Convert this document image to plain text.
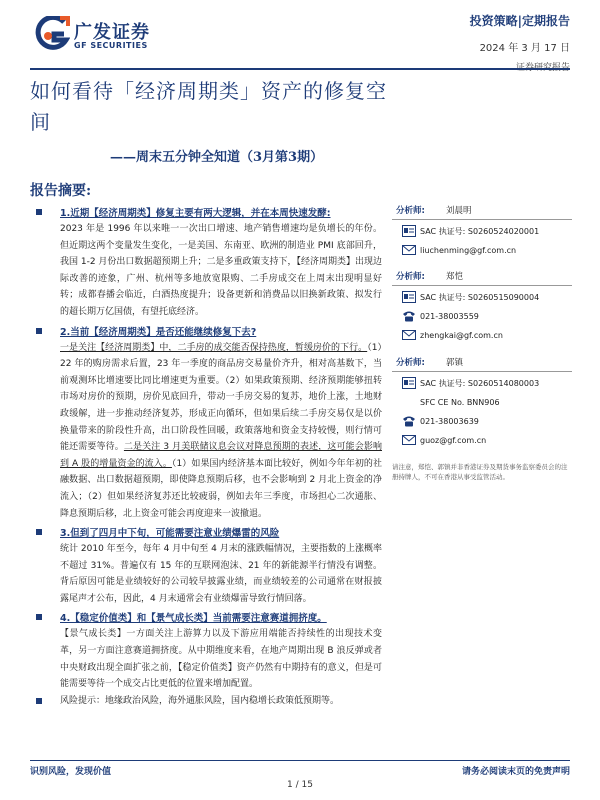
广发证券
GF SECURITIES
投资策略|定期报告
2024 年 3 月 17 日
如何看待「经济周期类」资产的修复空间
——周末五分钟全知道（3月第3期）
报告摘要:
1.近期【经济周期类】修复主要有两大逻辑，并在本周快速发酵:
2023 年是 1996 年以来唯一一次出口增速、地产销售增速均是负增长的年份。但近期这两个变量发生变化，一是美国、东南亚、欧洲的制造业 PMI 底部回升，我国 1-2 月份出口数据超预期上升；二是多重政策支持下，【经济周期类】出现边际改善的迹象，广州、杭州等多地放宽限购、二手房成交在上周末出现明显好转；成都春播会临近，白酒热度提升；设备更新和消费品以旧换新政策、拟发行的超长期万亿国债，有望托底经济。
2.当前【经济周期类】是否还能继续修复下去?
一是关注【经济周期类】中，二手房的成交能否保持热度，暂缓房价的下行。（1）22 年的购房需求后置，23 年一季度的商品房交易量价齐升，相对高基数下，当前观测环比增速要比同比增速更为重要。（2）如果政策预期、经济预期能够扭转市场对房价的预期，房价见底回升，带动一手房交易的复苏，地价上涨，土地财政缓解，进一步推动经济复苏，形成正向循环，但如果后续二手房交易仅是以价换量带来的阶段性升高，出口阶段性回暖，政策落地和资金支持较慢，则行情可能还需要等待。二是关注 3 月美联储议息会议对降息预期的表述，这可能会影响到 A 股的增量资金的流入。（1）如果国内经济基本面比较好，例如今年年初的社融数据、出口数据超预期，即使降息预期后移，也不会影响到 2 月北上资金的净流入；（2）但如果经济复苏还比较疲弱，例如去年三季度，市场担心二次通胀、降息预期后移，北上资金可能会再度迎来一波撤退。
3.但到了四月中下旬，可能需要注意业绩爆雷的风险
统计 2010 年至今，每年 4 月中旬至 4 月末的涨跌幅情况，主要指数的上涨概率不超过 31%。普遍仅有 15 年的互联网泡沫、21 年的新能源半行情没有调整。背后原因可能是业绩较好的公司较早披露业绩，而业绩较差的公司通常在财报披露尾声才公布，因此，4 月末通常会有业绩爆雷导致行情回落。
4.【稳定价值类】和【景气成长类】当前需要注意赛道拥挤度。
【景气成长类】一方面关注上游算力以及下游应用端能否持续性的出现技术变革，另一方面注意赛道拥挤度。从中期维度来看，在地产周期出现 B 浪反弹或者中央财政出现全面扩张之前，【稳定价值类】资产仍然有中期持有的意义，但是可能需要等待一个成交占比更低的位置来增加配置。
风险提示：地缘政治风险，海外通胀风险，国内稳增长政策低预期等。
分析师: 刘晨明
SAC 执证号: S0260524020001
liuchenming@gf.com.cn
分析师: 郑恺
SAC 执证号: S0260515090004
021-38003559
zhengkai@gf.com.cn
分析师: 郭镇
SAC 执证号: S0260514080003
SFC CE No. BNN906
021-38003639
guoz@gf.com.cn
请注意，郑恺、郭镇并非香港证券及期货事务监察委员会的注册持牌人，不可在香港从事受监管活动。
识别风险，发现价值	请务必阅读末页的免责声明
1 / 15
